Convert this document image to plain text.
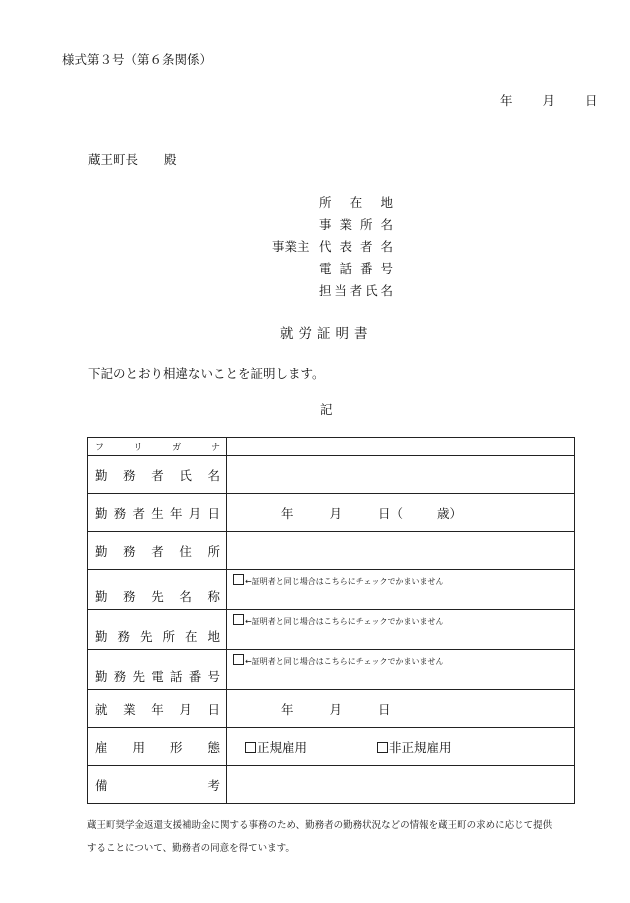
様式第３号（第６条関係）
年 月 日
蔵王町長 殿
事業主
所在地
事業所名
代表者名
電話番号
担当者氏名
就労証明書
下記のとおり相違ないことを証明します。
記
フリガナ	
勤務者氏名	
勤務者生年月日	年 月 日（ 歳）

勤務者住所	

勤務先名称	←証明者と同じ場合はこちらにチェックでかまいません

勤務先所在地	←証明者と同じ場合はこちらにチェックでかまいません

勤務先電話番号	←証明者と同じ場合はこちらにチェックでかまいません

就業年月日	年 月 日

雇用形態	正規雇用 非正規雇用

備考	
蔵王町奨学金返還支援補助金に関する事務のため、勤務者の勤務状況などの情報を蔵王町の求めに応じて提供
することについて、勤務者の同意を得ています。
